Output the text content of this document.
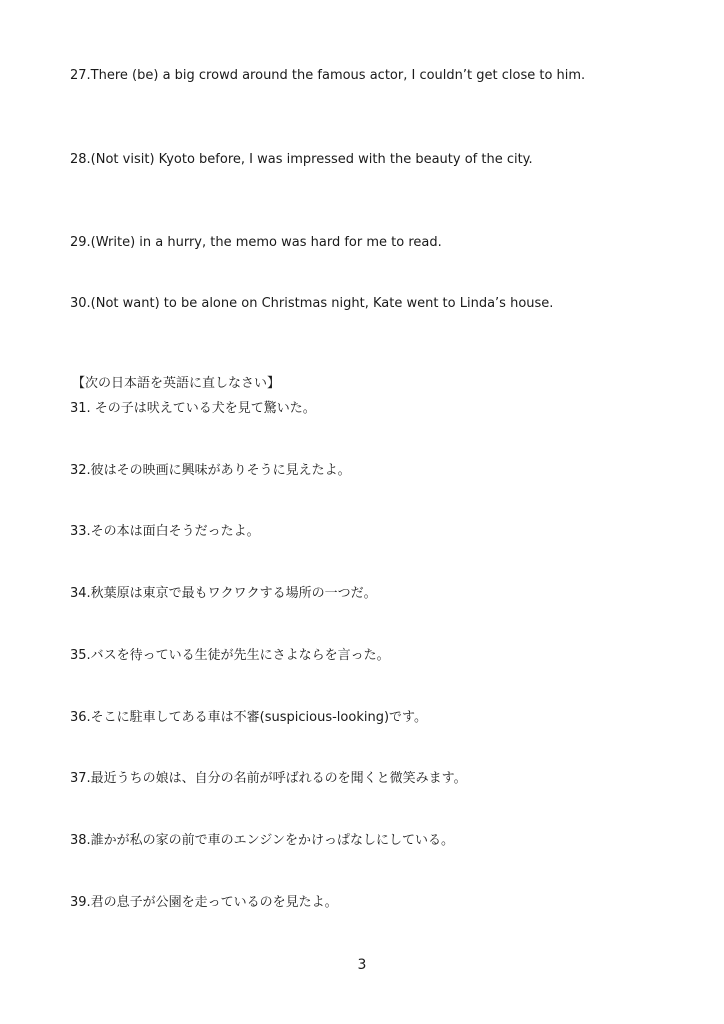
27.There (be) a big crowd around the famous actor, I couldn’t get close to him.
28.(Not visit) Kyoto before, I was impressed with the beauty of the city.
29.(Write) in a hurry, the memo was hard for me to read.
30.(Not want) to be alone on Christmas night, Kate went to Linda’s house.
【次の日本語を英語に直しなさい】
31. その子は吠えている犬を見て驚いた。
32.彼はその映画に興味がありそうに見えたよ。
33.その本は面白そうだったよ。
34.秋葉原は東京で最もワクワクする場所の一つだ。
35.バスを待っている生徒が先生にさよならを言った。
36.そこに駐車してある車は不審(suspicious-looking)です。
37.最近うちの娘は、自分の名前が呼ばれるのを聞くと微笑みます。
38.誰かが私の家の前で車のエンジンをかけっぱなしにしている。
39.君の息子が公園を走っているのを見たよ。
3
